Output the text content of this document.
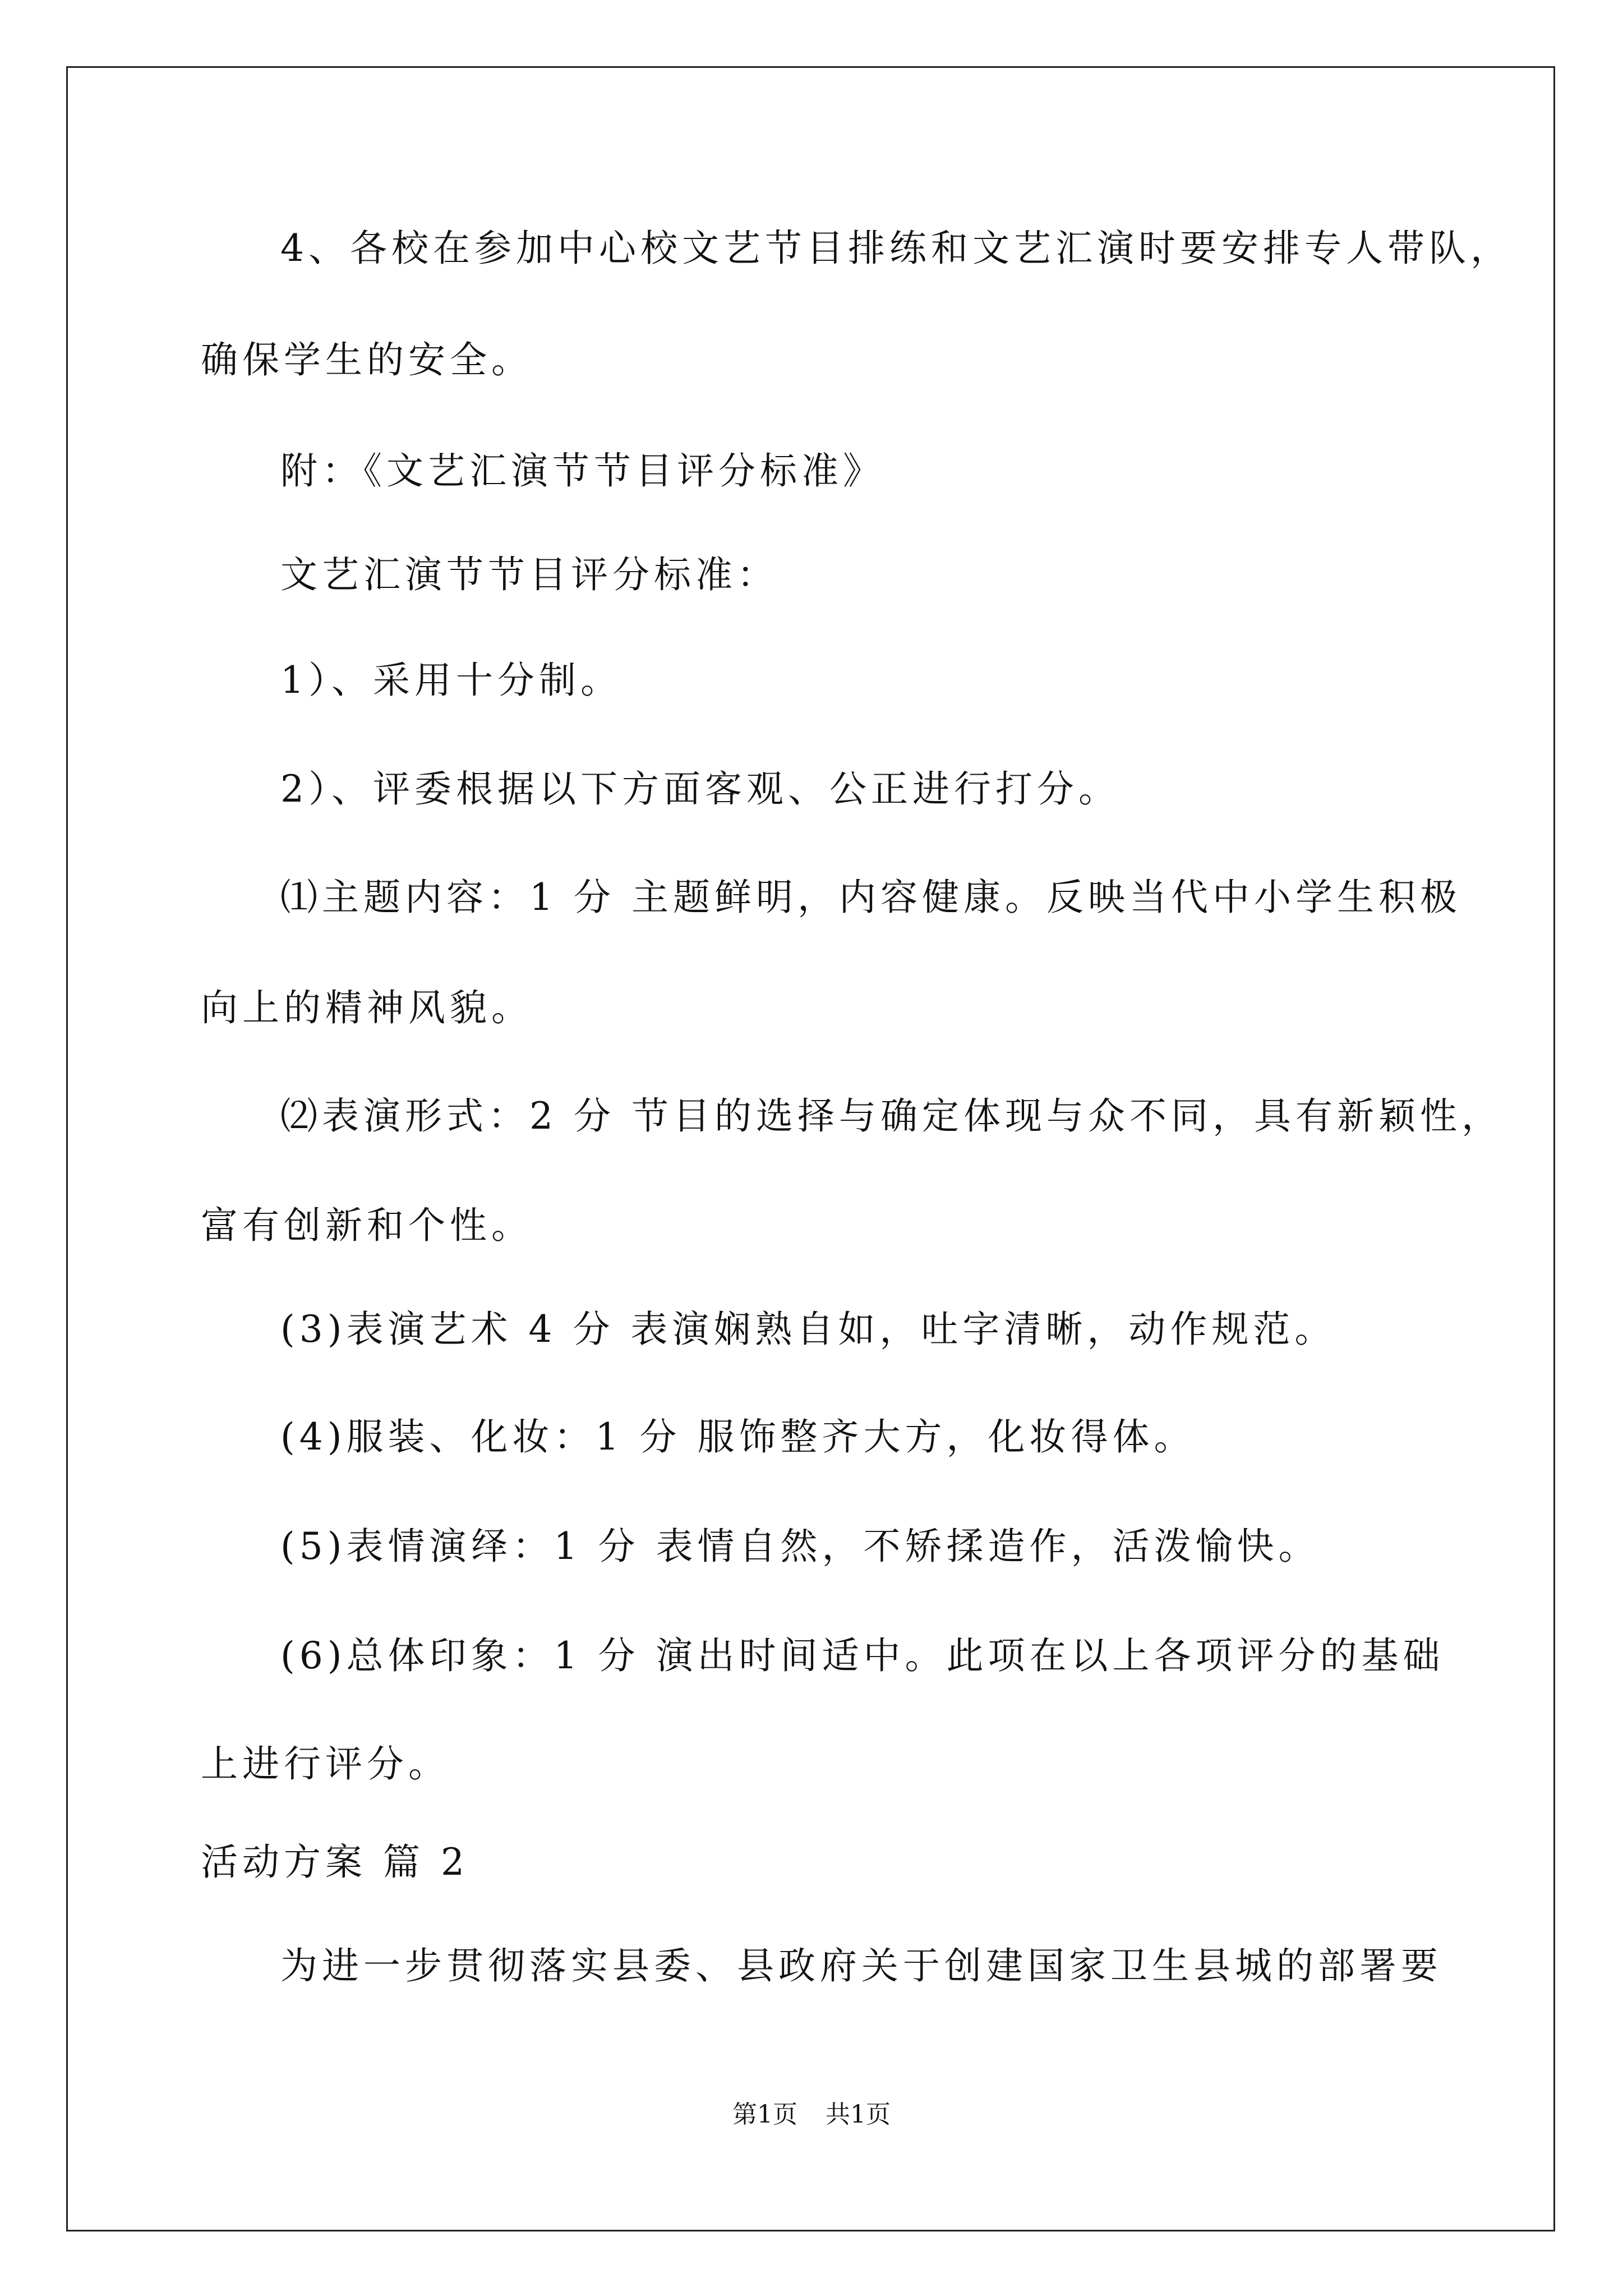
4、各校在参加中心校文艺节目排练和文艺汇演时要安排专人带队，
确保学生的安全。
附：《文艺汇演节节目评分标准》
文艺汇演节节目评分标准：
1）、采用十分制。
2）、评委根据以下方面客观、公正进行打分。
⑴主题内容：1 分 主题鲜明，内容健康。反映当代中小学生积极
向上的精神风貌。
⑵表演形式：2 分 节目的选择与确定体现与众不同，具有新颖性，
富有创新和个性。
(3)表演艺术 4 分 表演娴熟自如，吐字清晰，动作规范。
(4)服装、化妆：1 分 服饰整齐大方，化妆得体。
(5)表情演绎：1 分 表情自然，不矫揉造作，活泼愉快。
(6)总体印象：1 分 演出时间适中。此项在以上各项评分的基础
上进行评分。
活动方案 篇 2
为进一步贯彻落实县委、县政府关于创建国家卫生县城的部署要
第1页 共1页
